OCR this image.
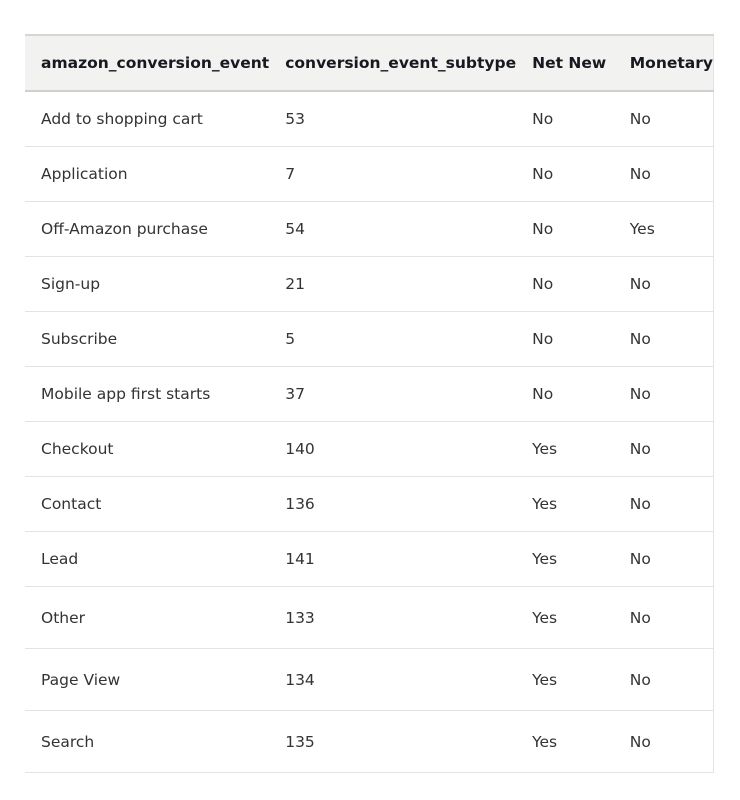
amazon_conversion_event	conversion_event_subtype	Net New	Monetary
Add to shopping cart	53	No	No
Application	7	No	No
Off-Amazon purchase	54	No	Yes
Sign-up	21	No	No
Subscribe	5	No	No
Mobile app first starts	37	No	No
Checkout	140	Yes	No
Contact	136	Yes	No
Lead	141	Yes	No
Other	133	Yes	No
Page View	134	Yes	No
Search	135	Yes	No
